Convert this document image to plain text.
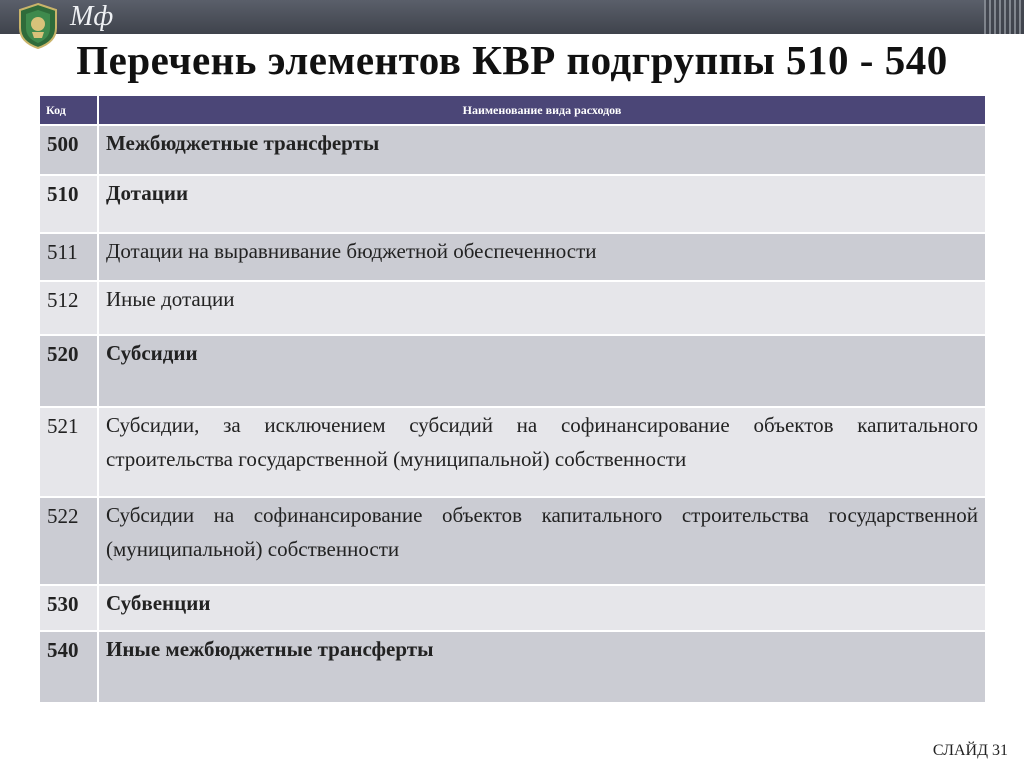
Мф
Перечень элементов КВР подгруппы 510 - 540
Код	Наименование вида расходов
500	Межбюджетные трансферты
510	Дотации
511	Дотации на выравнивание бюджетной обеспеченности
512	Иные дотации
520	Субсидии
521	Субсидии, за исключением субсидий на софинансирование объектов капитального строительства государственной (муниципальной) собственности
522	Субсидии на софинансирование объектов капитального строительства государственной (муниципальной) собственности
530	Субвенции
540	Иные межбюджетные трансферты
СЛАЙД 31
